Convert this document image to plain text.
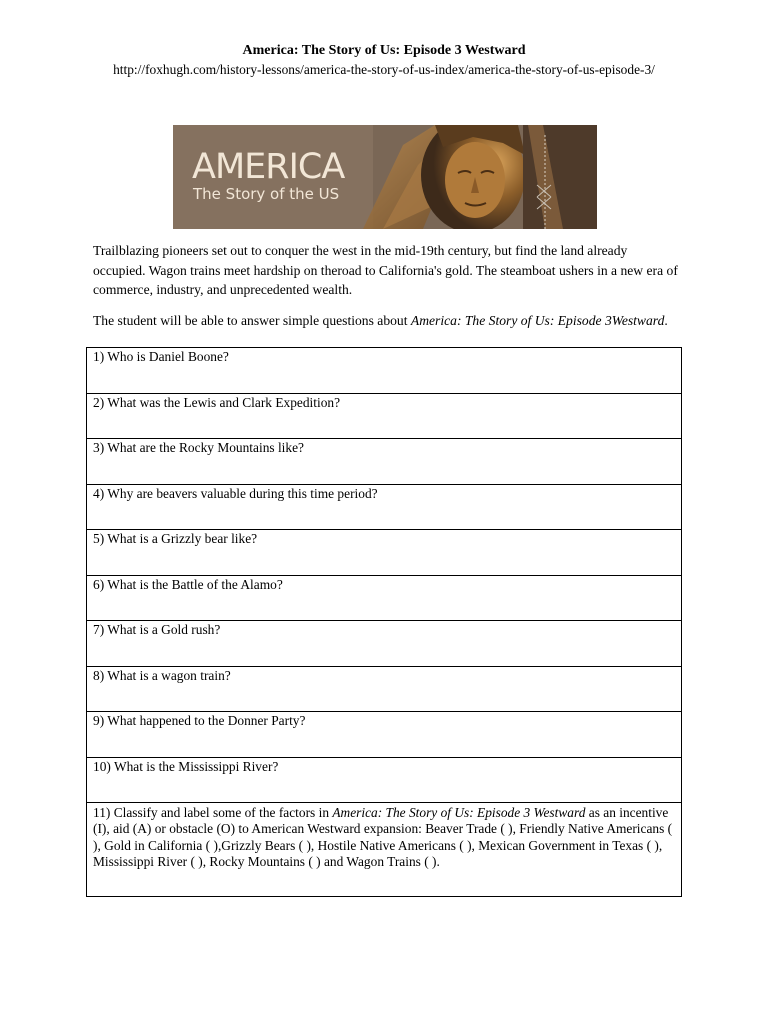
America: The Story of Us: Episode 3 Westward
http://foxhugh.com/history-lessons/america-the-story-of-us-index/america-the-story-of-us-episode-3/
AMERICA
The Story of the US
Trailblazing pioneers set out to conquer the west in the mid-19th century, but find the land already occupied. Wagon trains meet hardship on theroad to California's gold. The steamboat ushers in a new era of commerce, industry, and unprecedented wealth.
The student will be able to answer simple questions about America: The Story of Us: Episode 3Westward.
1) Who is Daniel Boone?
2) What was the Lewis and Clark Expedition?
3) What are the Rocky Mountains like?
4) Why are beavers valuable during this time period?
5) What is a Grizzly bear like?
6) What is the Battle of the Alamo?
7) What is a Gold rush?
8) What is a wagon train?
9) What happened to the Donner Party?
10) What is the Mississippi River?
11) Classify and label some of the factors in America: The Story of Us: Episode 3 Westward as an incentive (I), aid (A) or obstacle (O) to American Westward expansion: Beaver Trade ( ), Friendly Native Americans ( ), Gold in California ( ),Grizzly Bears ( ), Hostile Native Americans ( ), Mexican Government in Texas ( ), Mississippi River ( ), Rocky Mountains ( ) and Wagon Trains ( ).
